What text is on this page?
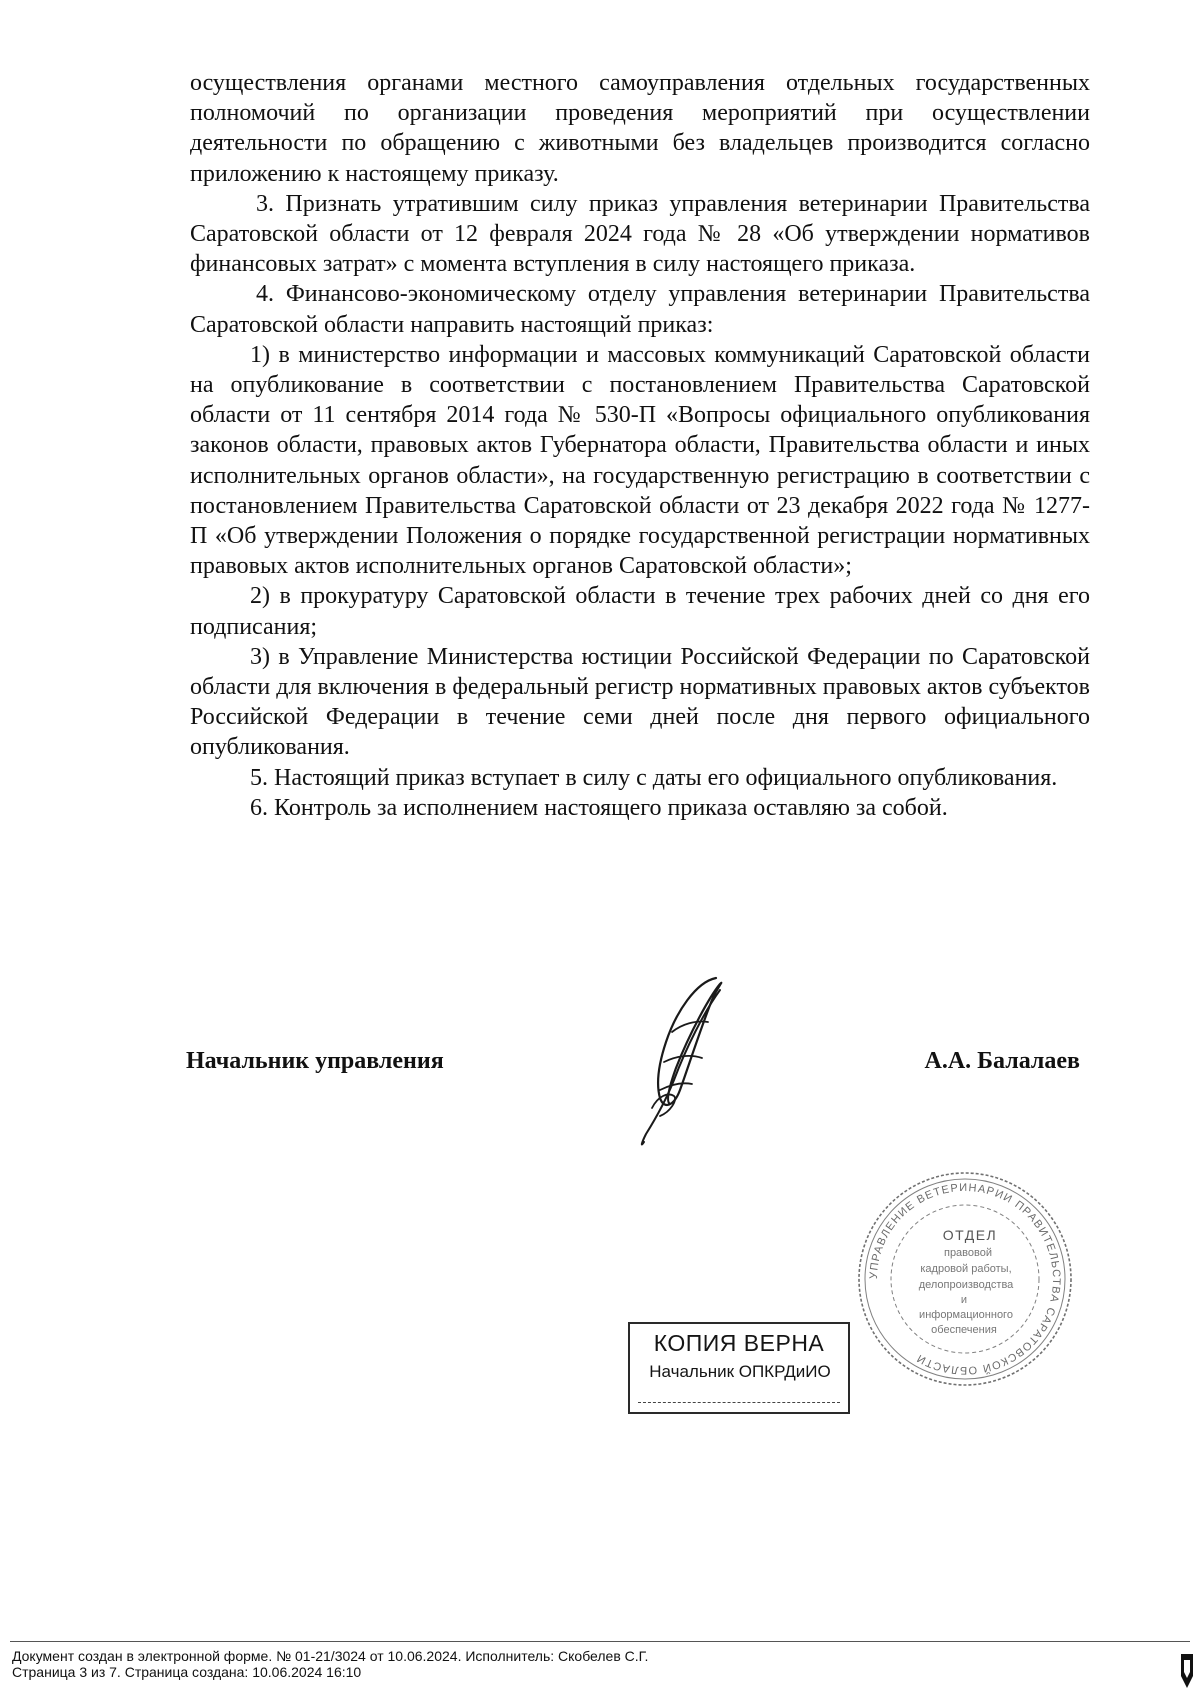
осуществления органами местного самоуправления отдельных государственных полномочий по организации проведения мероприятий при осуществлении деятельности по обращению с животными без владельцев производится согласно приложению к настоящему приказу.

3. Признать утратившим силу приказ управления ветеринарии Правительства Саратовской области от 12 февраля 2024 года № 28 «Об утверждении нормативов финансовых затрат» с момента вступления в силу настоящего приказа.

4. Финансово-экономическому отделу управления ветеринарии Правительства Саратовской области направить настоящий приказ:

1) в министерство информации и массовых коммуникаций Саратовской области на опубликование в соответствии с постановлением Правительства Саратовской области от 11 сентября 2014 года № 530-П «Вопросы официального опубликования законов области, правовых актов Губернатора области, Правительства области и иных исполнительных органов области», на государственную регистрацию в соответствии с постановлением Правительства Саратовской области от 23 декабря 2022 года № 1277-П «Об утверждении Положения о порядке государственной регистрации нормативных правовых актов исполнительных органов Саратовской области»;

2) в прокуратуру Саратовской области в течение трех рабочих дней со дня его подписания;

3) в Управление Министерства юстиции Российской Федерации по Саратовской области для включения в федеральный регистр нормативных правовых актов субъектов Российской Федерации в течение семи дней после дня первого официального опубликования.

5. Настоящий приказ вступает в силу с даты его официального опубликования.

6. Контроль за исполнением настоящего приказа оставляю за собой.

Начальник управления	А.А. Балалаев
УПРАВЛЕНИЕ ВЕТЕРИНАРИИ ПРАВИТЕЛЬСТВА САРАТОВСКОЙ ОБЛАСТИ
ОТДЕЛ
правовой
кадровой работы,
делопроизводства
и
информационного
обеспечения
КОПИЯ ВЕРНА
Начальник ОПКРДиИО

Документ создан в электронной форме. № 01-21/3024 от 10.06.2024. Исполнитель: Скобелев С.Г.

Страница 3 из 7. Страница создана: 10.06.2024 16:10
